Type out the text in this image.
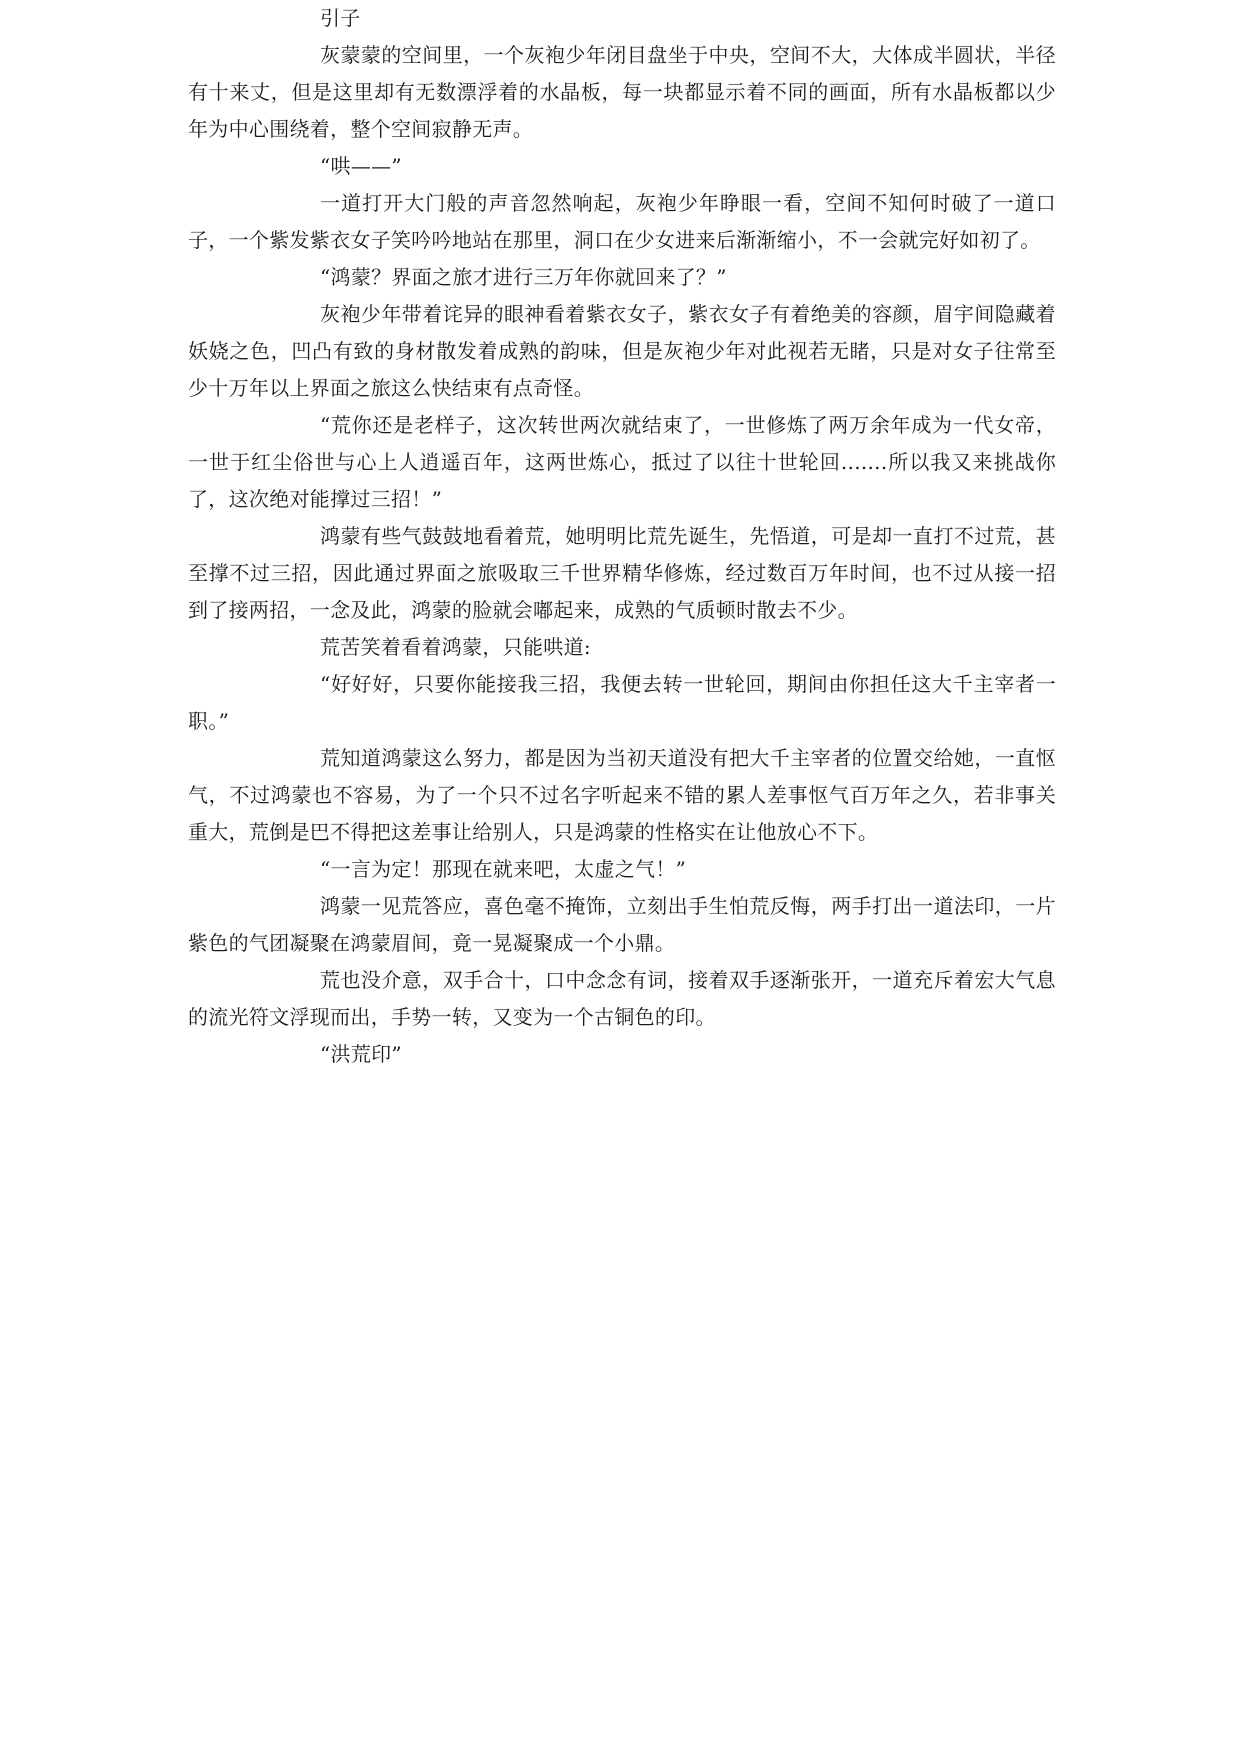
引子

灰蒙蒙的空间里，一个灰袍少年闭目盘坐于中央，空间不大，大体成半圆状，半径有十来丈，但是这里却有无数漂浮着的水晶板，每一块都显示着不同的画面，所有水晶板都以少年为中心围绕着，整个空间寂静无声。

“哄——”

一道打开大门般的声音忽然响起，灰袍少年睁眼一看，空间不知何时破了一道口子，一个紫发紫衣女子笑吟吟地站在那里，洞口在少女进来后渐渐缩小，不一会就完好如初了。

“鸿蒙？界面之旅才进行三万年你就回来了？”

灰袍少年带着诧异的眼神看着紫衣女子，紫衣女子有着绝美的容颜，眉宇间隐藏着妖娆之色，凹凸有致的身材散发着成熟的韵味，但是灰袍少年对此视若无睹，只是对女子往常至少十万年以上界面之旅这么快结束有点奇怪。

“荒你还是老样子，这次转世两次就结束了，一世修炼了两万余年成为一代女帝，一世于红尘俗世与心上人逍遥百年，这两世炼心，抵过了以往十世轮回.......所以我又来挑战你了，这次绝对能撑过三招！”

鸿蒙有些气鼓鼓地看着荒，她明明比荒先诞生，先悟道，可是却一直打不过荒，甚至撑不过三招，因此通过界面之旅吸取三千世界精华修炼，经过数百万年时间，也不过从接一招到了接两招，一念及此，鸿蒙的脸就会嘟起来，成熟的气质顿时散去不少。

荒苦笑着看着鸿蒙，只能哄道:

“好好好，只要你能接我三招，我便去转一世轮回，期间由你担任这大千主宰者一职。”

荒知道鸿蒙这么努力，都是因为当初天道没有把大千主宰者的位置交给她，一直怄气，不过鸿蒙也不容易，为了一个只不过名字听起来不错的累人差事怄气百万年之久，若非事关重大，荒倒是巴不得把这差事让给别人，只是鸿蒙的性格实在让他放心不下。

“一言为定！那现在就来吧，太虚之气！”

鸿蒙一见荒答应，喜色毫不掩饰，立刻出手生怕荒反悔，两手打出一道法印，一片紫色的气团凝聚在鸿蒙眉间，竟一晃凝聚成一个小鼎。

荒也没介意，双手合十，口中念念有词，接着双手逐渐张开，一道充斥着宏大气息的流光符文浮现而出，手势一转，又变为一个古铜色的印。

“洪荒印”
